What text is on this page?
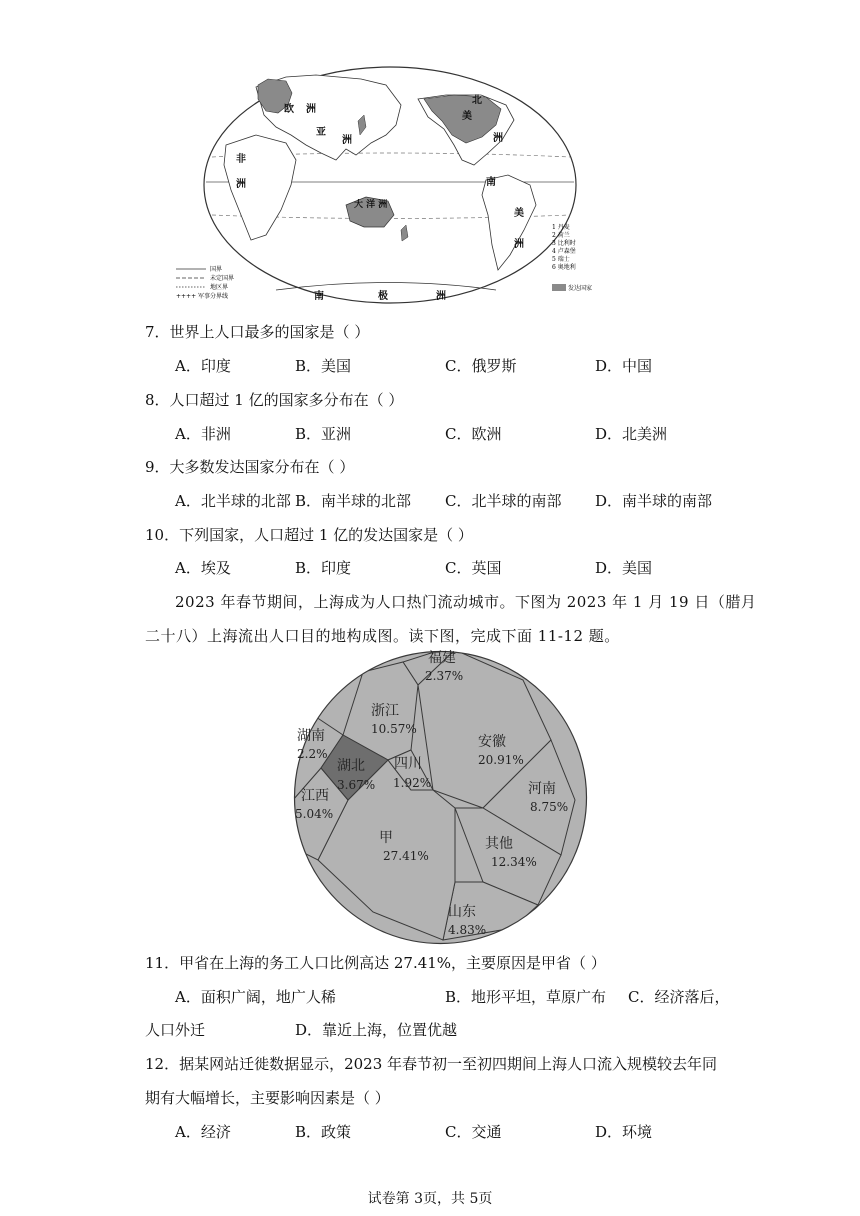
欧 洲
洲
亚
非
洲
北
美
洲
南
美
洲
大 洋 洲
南	极	洲
国界
未定国界
地区界
++++ 军事分界线
1 丹麦
2 荷兰
3 比利时
4 卢森堡
5 瑞士
6 奥地利
发达国家
7．世界上人口最多的国家是（ ）
A．印度	B．美国	C．俄罗斯	D．中国
8．人口超过 1 亿的国家多分布在（ ）
A．非洲	B．亚洲	C．欧洲	D．北美洲
9．大多数发达国家分布在（ ）
A．北半球的北部 B．南半球的北部 C．北半球的南部 D．南半球的南部
10．下列国家，人口超过 1 亿的发达国家是（ ）
A．埃及	B．印度	C．英国	D．美国
2023 年春节期间，上海成为人口热门流动城市。下图为 2023 年 1 月 19 日（腊月
二十八）上海流出人口目的地构成图。读下图，完成下面 11-12 题。
福建
2.37%
浙江
10.57%
安徽
20.91%
河南
8.75%
其他
12.34%
山东
4.83%
甲
27.41%
江西
5.04%
湖南
2.2%
湖北
3.67%
四川
1.92%
11．甲省在上海的务工人口比例高达 27.41%，主要原因是甲省（ ）
A．面积广阔，地广人稀	B．地形平坦，草原广布 C．经济落后，
人口外迁	D．靠近上海，位置优越
12．据某网站迁徙数据显示，2023 年春节初一至初四期间上海人口流入规模较去年同
期有大幅增长，主要影响因素是（ ）
A．经济	B．政策	C．交通	D．环境
试卷第 3页，共 5页
